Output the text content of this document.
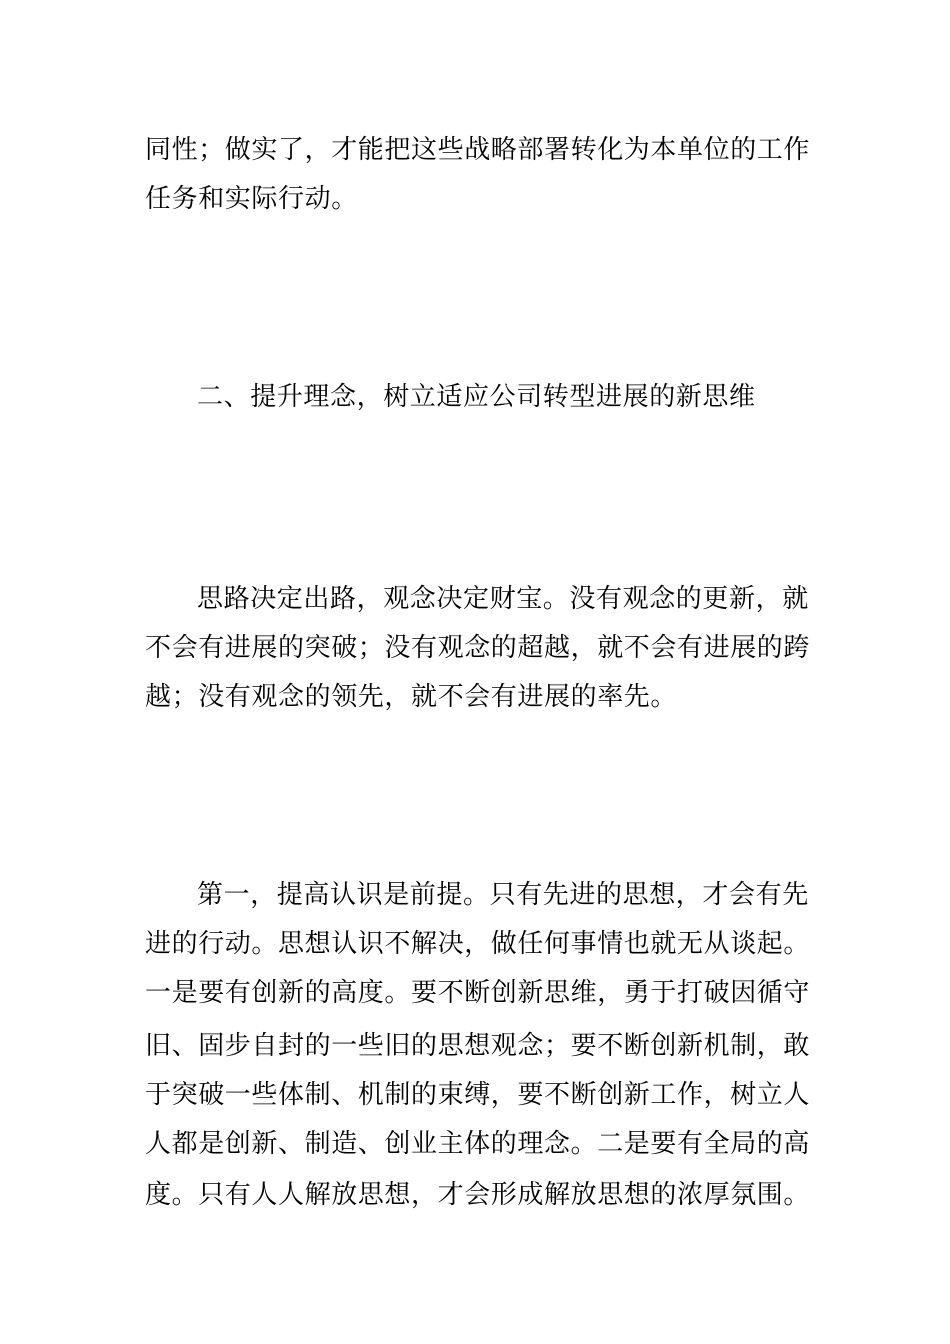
同性；做实了，才能把这些战略部署转化为本单位的工作
任务和实际行动。
二、提升理念，树立适应公司转型进展的新思维
思路决定出路，观念决定财宝。没有观念的更新，就
不会有进展的突破；没有观念的超越，就不会有进展的跨
越；没有观念的领先，就不会有进展的率先。
第一，提高认识是前提。只有先进的思想，才会有先
进的行动。思想认识不解决，做任何事情也就无从谈起。
一是要有创新的高度。要不断创新思维，勇于打破因循守
旧、固步自封的一些旧的思想观念；要不断创新机制，敢
于突破一些体制、机制的束缚，要不断创新工作，树立人
人都是创新、制造、创业主体的理念。二是要有全局的高
度。只有人人解放思想，才会形成解放思想的浓厚氛围。
